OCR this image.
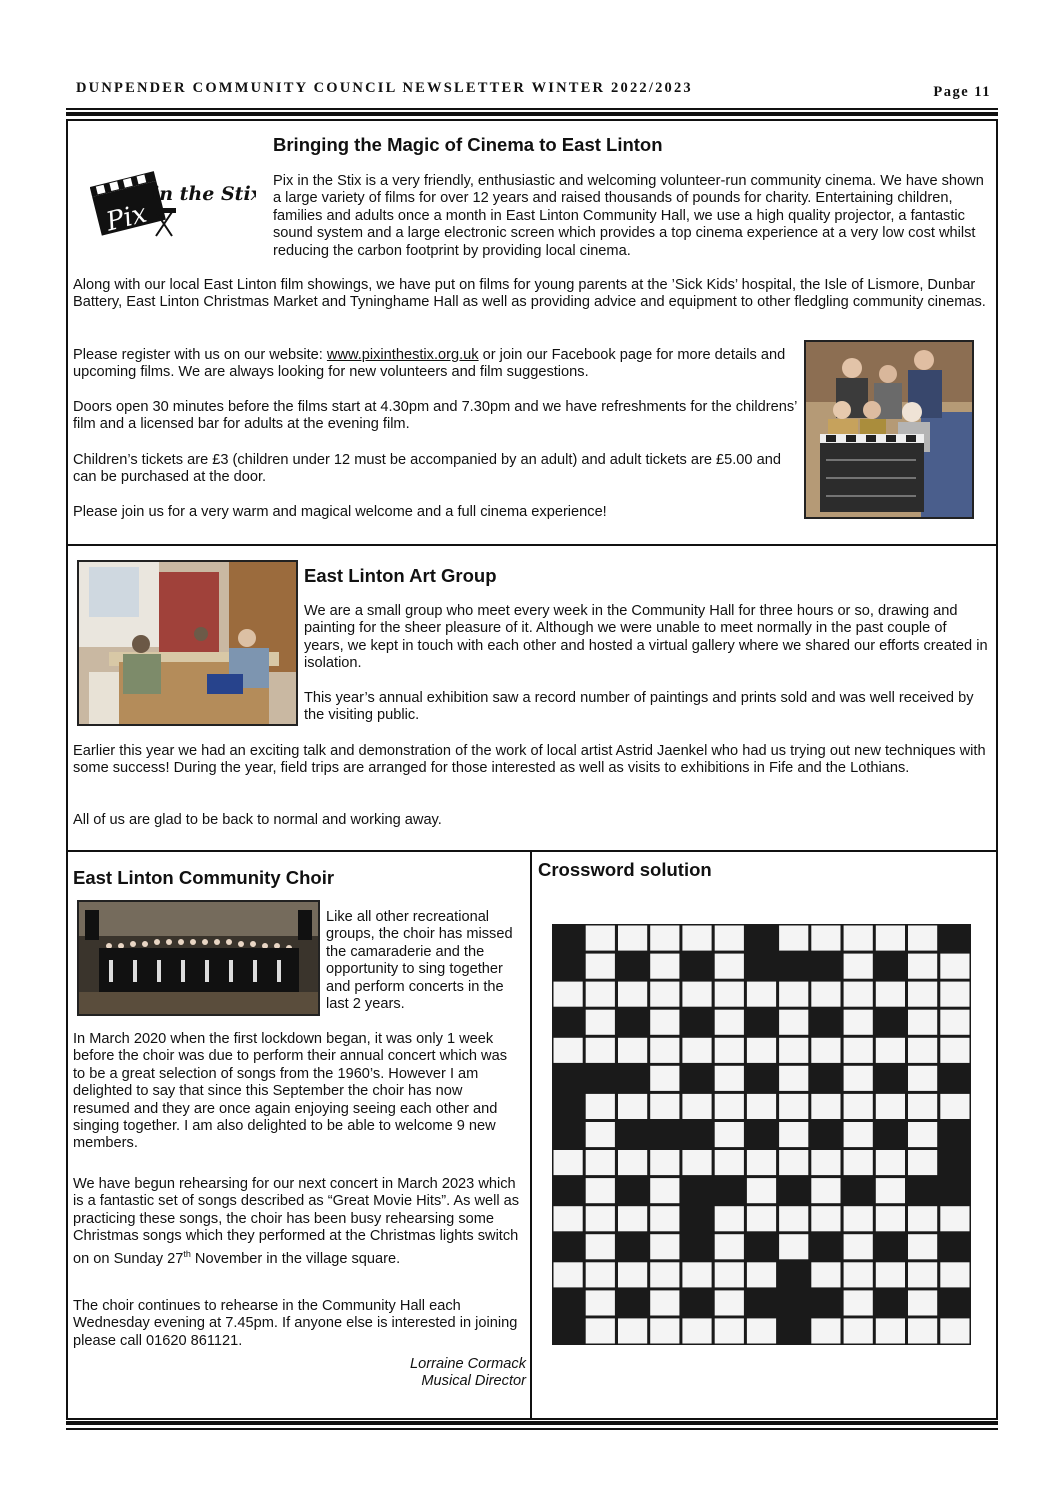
DUNPENDER COMMUNITY COUNCIL NEWSLETTER WINTER 2022/2023	Page 11
Pix
in the Stix
Bringing the Magic of Cinema to East Linton

Pix in the Stix is a very friendly, enthusiastic and welcoming volunteer-run community cinema. We have shown a large variety of films for over 12 years and raised thousands of pounds for charity. Entertaining children, families and adults once a month in East Linton Community Hall, we use a high quality projector, a fantastic sound system and a large electronic screen which provides a top cinema experience at a very low cost whilst reducing the carbon footprint by providing local cinema.

Along with our local East Linton film showings, we have put on films for young parents at the ’Sick Kids’ hospital, the Isle of Lismore, Dunbar Battery, East Linton Christmas Market and Tyninghame Hall as well as providing advice and equipment to other fledgling community cinemas.

Please register with us on our website: www.pixinthestix.org.uk or join our Facebook page for more details and upcoming films. We are always looking for new volunteers and film suggestions.

Doors open 30 minutes before the films start at 4.30pm and 7.30pm and we have refreshments for the childrens’ film and a licensed bar for adults at the evening film.

Children’s tickets are £3 (children under 12 must be accompanied by an adult) and adult tickets are £5.00 and can be purchased at the door.

Please join us for a very warm and magical welcome and a full cinema experience!

East Linton Art Group

We are a small group who meet every week in the Community Hall for three hours or so, drawing and painting for the sheer pleasure of it. Although we were unable to meet normally in the past couple of years, we kept in touch with each other and hosted a virtual gallery where we shared our efforts created in isolation.

This year’s annual exhibition saw a record number of paintings and prints sold and was well received by the visiting public.

Earlier this year we had an exciting talk and demonstration of the work of local artist Astrid Jaenkel who had us trying out new techniques with some success! During the year, field trips are arranged for those interested as well as visits to exhibitions in Fife and the Lothians.

All of us are glad to be back to normal and working away.

East Linton Community Choir

Like all other recreational groups, the choir has missed the camaraderie and the opportunity to sing together and perform concerts in the last 2 years.

In March 2020 when the first lockdown began, it was only 1 week before the choir was due to perform their annual concert which was to be a great selection of songs from the 1960’s. However I am delighted to say that since this September the choir has now resumed and they are once again enjoying seeing each other and singing together. I am also delighted to be able to welcome 9 new members.

We have begun rehearsing for our next concert in March 2023 which is a fantastic set of songs described as “Great Movie Hits”. As well as practicing these songs, the choir has been busy rehearsing some Christmas songs which they performed at the Christmas lights switch on on Sunday 27th November in the village square.

The choir continues to rehearse in the Community Hall each Wednesday evening at 7.45pm. If anyone else is interested in joining please call 01620 861121.

Lorraine Cormack
Musical Director
Crossword solution
